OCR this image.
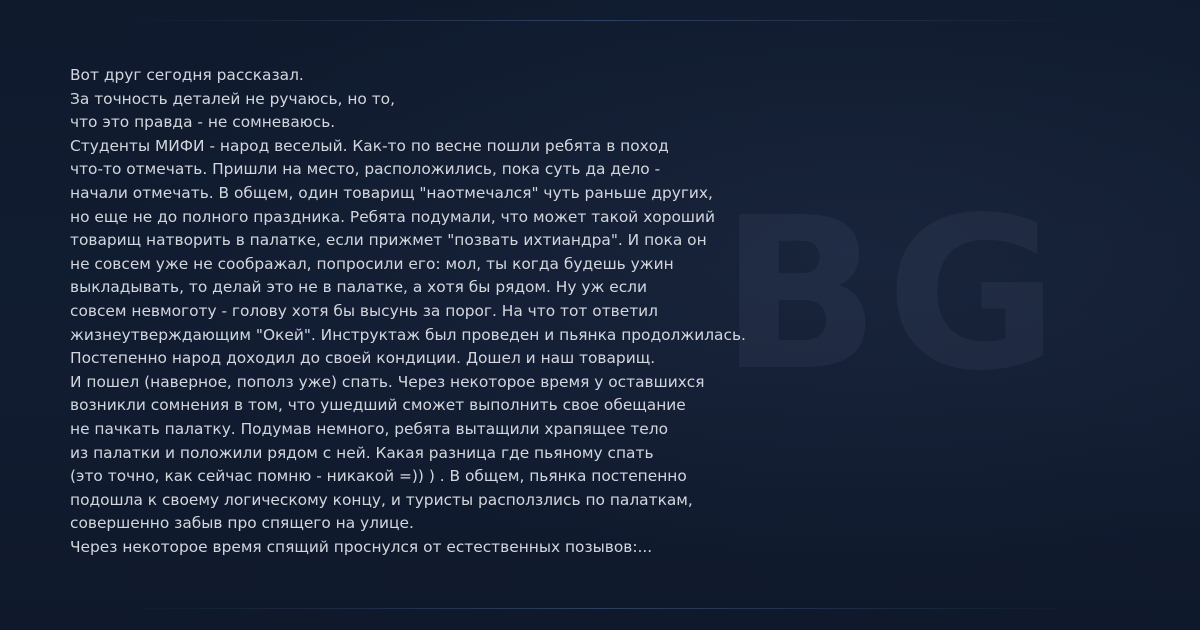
BG
Вот друг сегодня рассказал.
За точность деталей не ручаюсь, но то,
что это правда - не сомневаюсь.
Студенты МИФИ - народ веселый. Как-то по весне пошли ребята в поход
что-то отмечать. Пришли на место, расположились, пока суть да дело -
начали отмечать. В общем, один товарищ "наотмечался" чуть раньше других,
но еще не до полного праздника. Ребята подумали, что может такой хороший
товарищ натворить в палатке, если прижмет "позвать ихтиандра". И пока он
не совсем уже не соображал, попросили его: мол, ты когда будешь ужин
выкладывать, то делай это не в палатке, а хотя бы рядом. Ну уж если
совсем невмоготу - голову хотя бы высунь за порог. На что тот ответил
жизнеутверждающим "Окей". Инструктаж был проведен и пьянка продолжилась.
Постепенно народ доходил до своей кондиции. Дошел и наш товарищ.
И пошел (наверное, пополз уже) спать. Через некоторое время у оставшихся
возникли сомнения в том, что ушедший сможет выполнить свое обещание
не пачкать палатку. Подумав немного, ребята вытащили храпящее тело
из палатки и положили рядом с ней. Какая разница где пьяному спать
(это точно, как сейчас помню - никакой =)) ) . В общем, пьянка постепенно
подошла к своему логическому концу, и туристы расползлись по палаткам,
совершенно забыв про спящего на улице.
Через некоторое время спящий проснулся от естественных позывов:...
